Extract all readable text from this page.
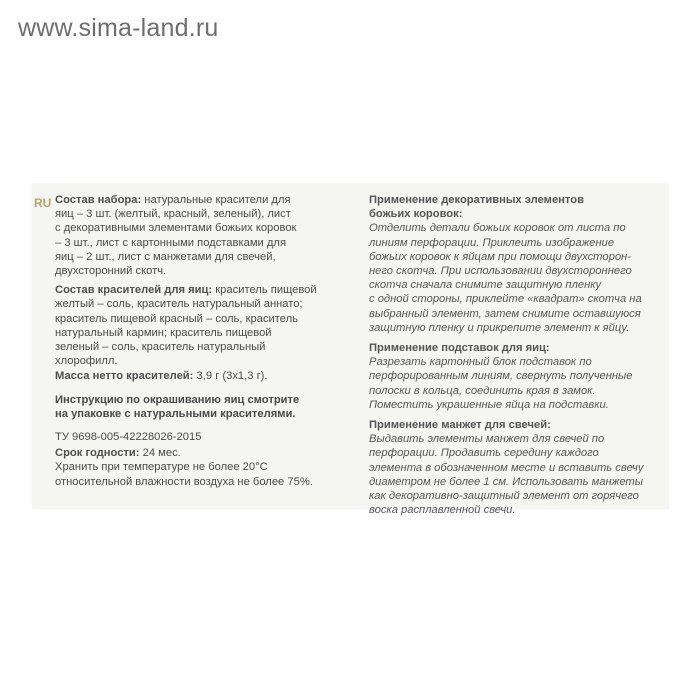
www.sima-land.ru
RU Состав набора: натуральные красители для
яиц – 3 шт. (желтый, красный, зеленый), лист
с декоративными элементами божьих коровок
– 3 шт., лист с картонными подставками для
яиц – 2 шт., лист с манжетами для свечей,
двухсторонний скотч.
Состав красителей для яиц: краситель пищевой
желтый – соль, краситель натуральный аннато;
краситель пищевой красный – соль, краситель
натуральный кармин; краситель пищевой
зеленый – соль, краситель натуральный
хлорофилл.
Масса нетто красителей: 3,9 г (3х1,3 г).
Инструкцию по окрашиванию яиц смотрите
на упаковке с натуральными красителями.
ТУ 9698-005-42228026-2015
Срок годности: 24 мес.
Хранить при температуре не более 20°С
относительной влажности воздуха не более 75%.
Применение декоративных элементов
божьих коровок:
Отделить детали божьих коровок от листа по
линиям перфорации. Приклеить изображение
божьих коровок к яйцам при помощи двухсторон-
него скотча. При использовании двухстороннего
скотча сначала снимите защитную пленку
с одной стороны, приклейте «квадрат» скотча на
выбранный элемент, затем снимите оставшуюся
защитную пленку и прикрепите элемент к яйцу.
Применение подставок для яиц:
Разрезать картонный блок подставок по
перфорированным линиям, свернуть полученные
полоски в кольца, соединить края в замок.
Поместить украшенные яйца на подставки.
Применение манжет для свечей:
Выдавить элементы манжет для свечей по
перфорации. Продавить середину каждого
элемента в обозначенном месте и вставить свечу
диаметром не более 1 см. Использовать манжеты
как декоративно-защитный элемент от горячего
воска расплавленной свечи.
